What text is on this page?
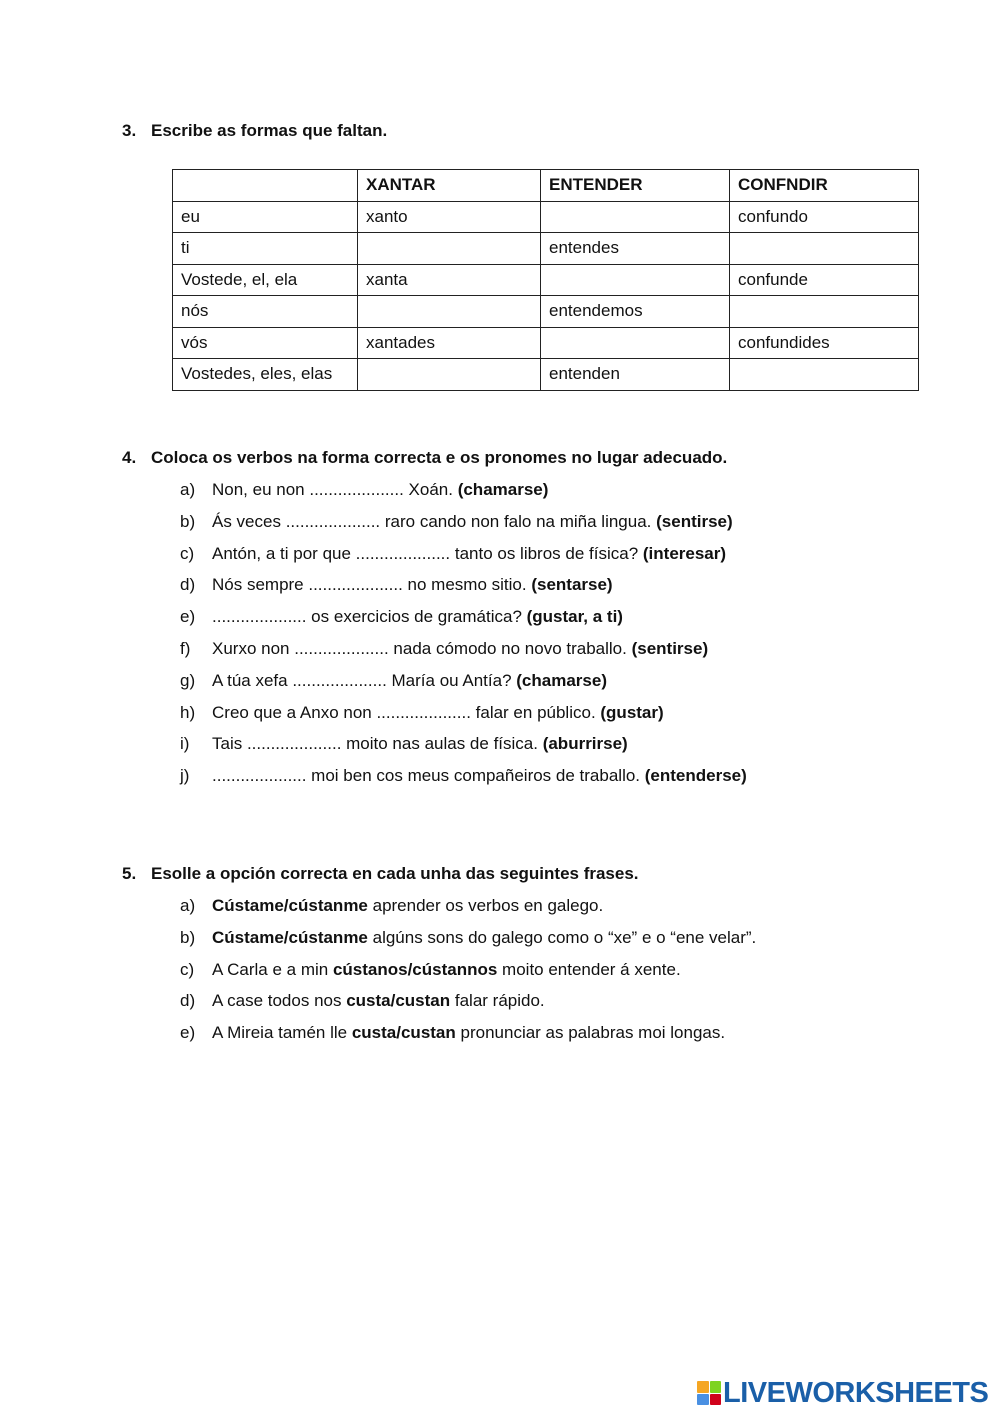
3. Escribe as formas que faltan.
	XANTAR	ENTENDER	CONFNDIR
eu	xanto		confundo
ti		entendes	
Vostede, el, ela	xanta		confunde
nós		entendemos	
vós	xantades		confundides
Vostedes, eles, elas		entenden	
4. Coloca os verbos na forma correcta e os pronomes no lugar adecuado.
a) Non, eu non .................... Xoán. (chamarse)
b) Ás veces .................... raro cando non falo na miña lingua. (sentirse)
c) Antón, a ti por que .................... tanto os libros de física? (interesar)
d) Nós sempre .................... no mesmo sitio. (sentarse)
e) .................... os exercicios de gramática? (gustar, a ti)
f) Xurxo non .................... nada cómodo no novo traballo. (sentirse)
g) A túa xefa .................... María ou Antía? (chamarse)
h) Creo que a Anxo non .................... falar en público. (gustar)
i) Tais .................... moito nas aulas de física. (aburrirse)
j) .................... moi ben cos meus compañeiros de traballo. (entenderse)
5. Esolle a opción correcta en cada unha das seguintes frases.
a) Cústame/cústanme aprender os verbos en galego.
b) Cústame/cústanme algúns sons do galego como o “xe” e o “ene velar”.
c) A Carla e a min cústanos/cústannos moito entender á xente.
d) A case todos nos custa/custan falar rápido.
e) A Mireia tamén lle custa/custan pronunciar as palabras moi longas.
LIVEWORKSHEETS
